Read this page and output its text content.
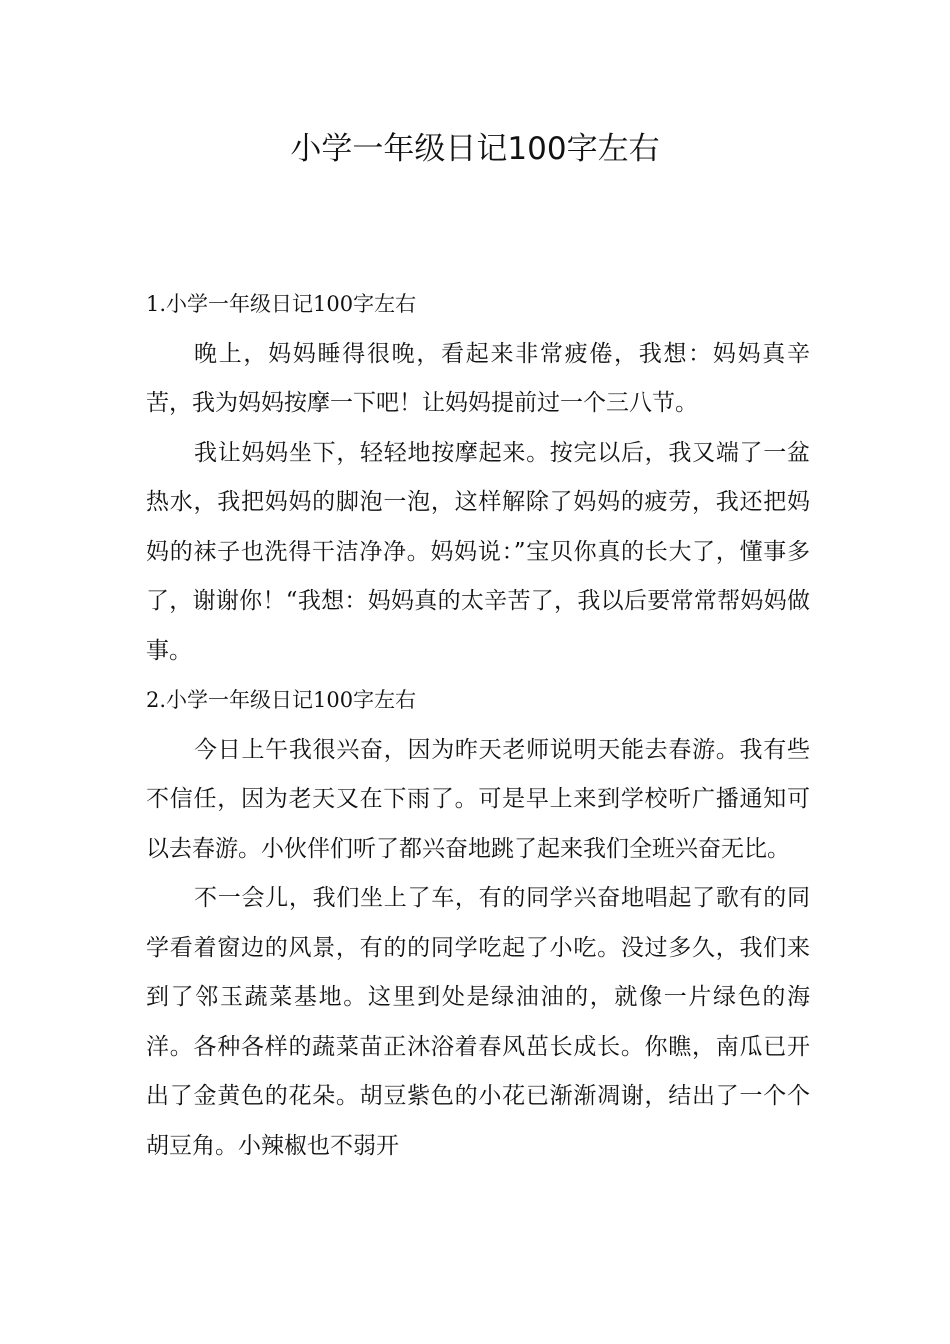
小学一年级日记100字左右
1.小学一年级日记100字左右

晚上，妈妈睡得很晚，看起来非常疲倦，我想：妈妈真辛苦，我为妈妈按摩一下吧！让妈妈提前过一个三八节。

我让妈妈坐下，轻轻地按摩起来。按完以后，我又端了一盆热水，我把妈妈的脚泡一泡，这样解除了妈妈的疲劳，我还把妈妈的袜子也洗得干洁净净。妈妈说：”宝贝你真的长大了，懂事多了，谢谢你！“我想：妈妈真的太辛苦了，我以后要常常帮妈妈做事。

2.小学一年级日记100字左右

今日上午我很兴奋，因为昨天老师说明天能去春游。我有些不信任，因为老天又在下雨了。可是早上来到学校听广播通知可以去春游。小伙伴们听了都兴奋地跳了起来我们全班兴奋无比。

不一会儿，我们坐上了车，有的同学兴奋地唱起了歌有的同学看着窗边的风景，有的的同学吃起了小吃。没过多久，我们来到了邻玉蔬菜基地。这里到处是绿油油的，就像一片绿色的海洋。各种各样的蔬菜苗正沐浴着春风茁长成长。你瞧，南瓜已开出了金黄色的花朵。胡豆紫色的小花已渐渐凋谢，结出了一个个胡豆角。小辣椒也不弱开
